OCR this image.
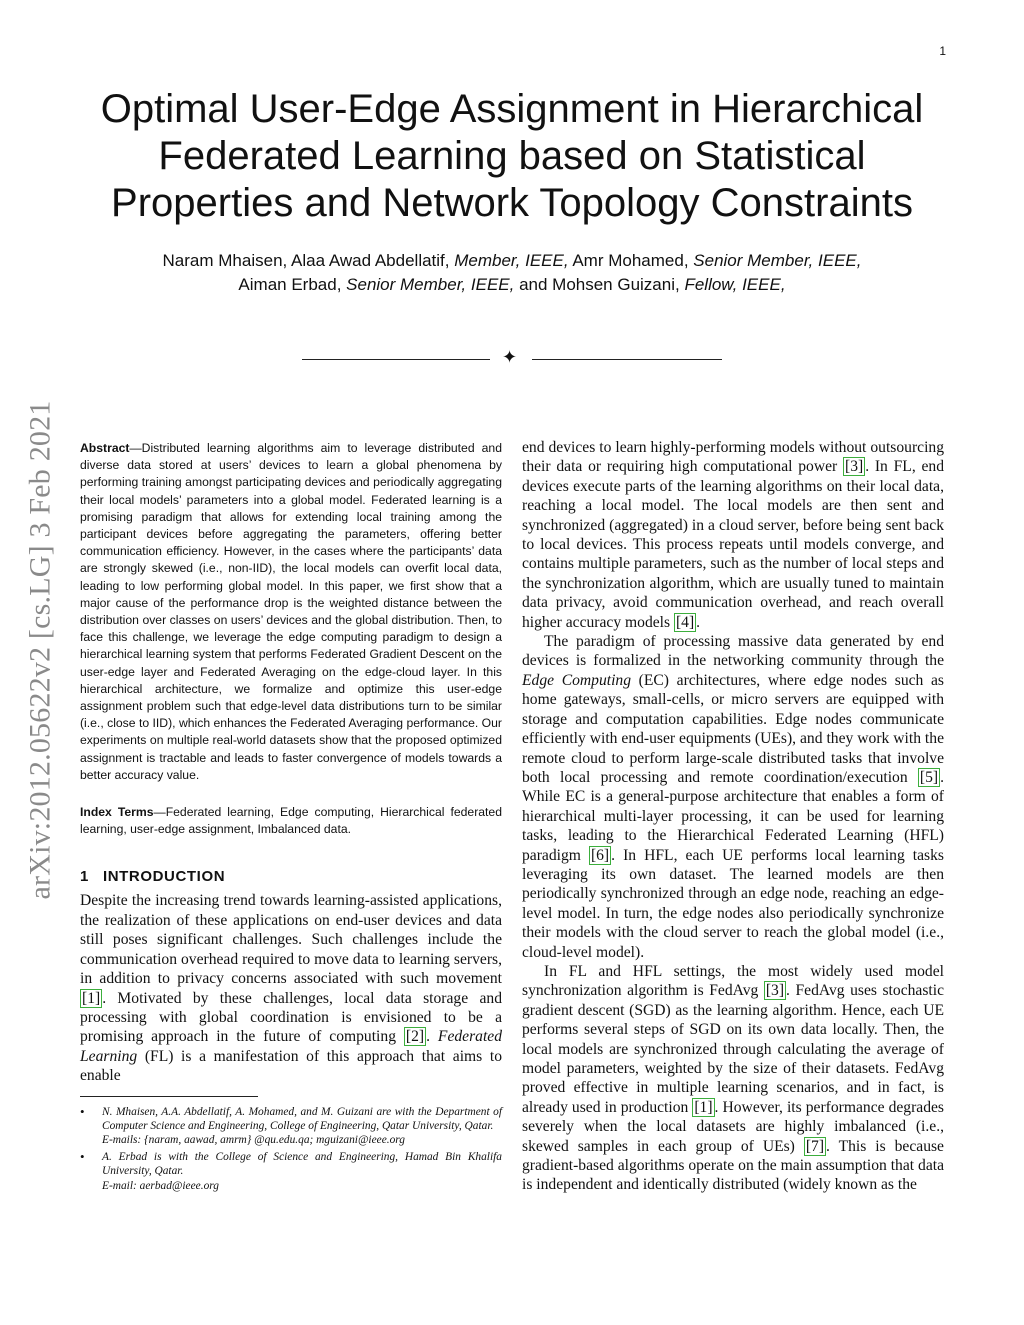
1
arXiv:2012.05622v2 [cs.LG] 3 Feb 2021
Optimal User-Edge Assignment in Hierarchical
Federated Learning based on Statistical
Properties and Network Topology Constraints
Naram Mhaisen, Alaa Awad Abdellatif, Member, IEEE, Amr Mohamed, Senior Member, IEEE,
Aiman Erbad, Senior Member, IEEE, and Mohsen Guizani, Fellow, IEEE,
✦

Abstract—Distributed learning algorithms aim to leverage distributed and diverse data stored at users’ devices to learn a global phenomena by performing training amongst participating devices and periodically aggregating their local models’ parameters into a global model. Federated learning is a promising paradigm that allows for extending local training among the participant devices before aggregating the parameters, offering better communication efficiency. However, in the cases where the participants’ data are strongly skewed (i.e., non-IID), the local models can overfit local data, leading to low performing global model. In this paper, we first show that a major cause of the performance drop is the weighted distance between the distribution over classes on users’ devices and the global distribution. Then, to face this challenge, we leverage the edge computing paradigm to design a hierarchical learning system that performs Federated Gradient Descent on the user-edge layer and Federated Averaging on the edge-cloud layer. In this hierarchical architecture, we formalize and optimize this user-edge assignment problem such that edge-level data distributions turn to be similar (i.e., close to IID), which enhances the Federated Averaging performance. Our experiments on multiple real-world datasets show that the proposed optimized assignment is tractable and leads to faster convergence of models towards a better accuracy value.

Index Terms—Federated learning, Edge computing, Hierarchical federated learning, user-edge assignment, Imbalanced data.

1 INTRODUCTION

Despite the increasing trend towards learning-assisted applications, the realization of these applications on end-user devices and data still poses significant challenges. Such challenges include the communication overhead required to move data to learning servers, in addition to privacy concerns associated with such movement [1] . Motivated by these challenges, local data storage and processing with global coordination is envisioned to be a promising approach in the future of computing [2] . Federated Learning (FL) is a manifestation of this approach that aims to enable

• N. Mhaisen, A.A. Abdellatif, A. Mohamed, and M. Guizani are with the Department of Computer Science and Engineering, College of Engineering, Qatar University, Qatar.
E-mails: {naram, aawad, amrm} @qu.edu.qa; mguizani@ieee.org
• A. Erbad is with the College of Science and Engineering, Hamad Bin Khalifa University, Qatar.
E-mail: aerbad@ieee.org

end devices to learn highly-performing models without outsourcing their data or requiring high computational power [3] . In FL, end devices execute parts of the learning algorithms on their local data, reaching a local model. The local models are then sent and synchronized (aggregated) in a cloud server, before being sent back to local devices. This process repeats until models converge, and contains multiple parameters, such as the number of local steps and the synchronization algorithm, which are usually tuned to maintain data privacy, avoid communication overhead, and reach overall higher accuracy models [4] .

The paradigm of processing massive data generated by end devices is formalized in the networking community through the Edge Computing (EC) architectures, where edge nodes such as home gateways, small-cells, or micro servers are equipped with storage and computation capabilities. Edge nodes communicate efficiently with end-user equipments (UEs), and they work with the remote cloud to perform large-scale distributed tasks that involve both local processing and remote coordination/execution [5] . While EC is a general-purpose architecture that enables a form of hierarchical multi-layer processing, it can be used for learning tasks, leading to the Hierarchical Federated Learning (HFL) paradigm [6] . In HFL, each UE performs local learning tasks leveraging its own dataset. The learned models are then periodically synchronized through an edge node, reaching an edge-level model. In turn, the edge nodes also periodically synchronize their models with the cloud server to reach the global model (i.e., cloud-level model).

In FL and HFL settings, the most widely used model synchronization algorithm is FedAvg [3] . FedAvg uses stochastic gradient descent (SGD) as the learning algorithm. Hence, each UE performs several steps of SGD on its own data locally. Then, the local models are synchronized through calculating the average of model parameters, weighted by the size of their datasets. FedAvg proved effective in multiple learning scenarios, and in fact, is already used in production [1] . However, its performance degrades severely when the local datasets are highly imbalanced (i.e., skewed samples in each group of UEs) [7] . This is because gradient-based algorithms operate on the main assumption that data is independent and identically distributed (widely known as the
